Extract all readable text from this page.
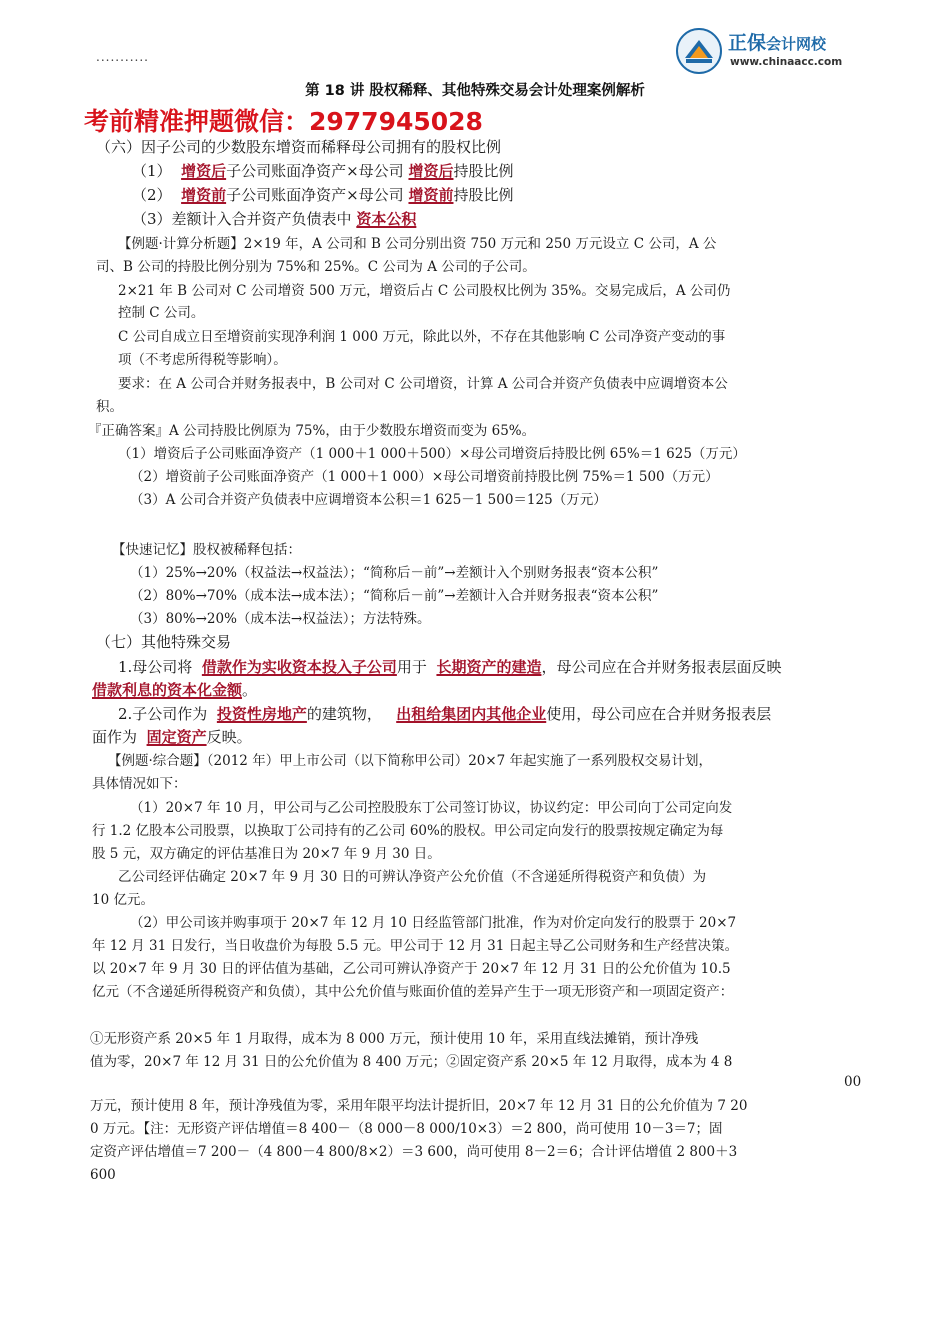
...........
正保会计网校
www.chinaacc.com
第 18 讲 股权稀释、其他特殊交易会计处理案例解析
考前精准押题微信：2977945028
（六）因子公司的少数股东增资而稀释母公司拥有的股权比例
（1） 增资后子公司账面净资产×母公司 增资后持股比例
（2） 增资前子公司账面净资产×母公司 增资前持股比例
（3）差额计入合并资产负债表中 资本公积
【例题·计算分析题】2×19 年，A 公司和 B 公司分别出资 750 万元和 250 万元设立 C 公司，A 公
司、B 公司的持股比例分别为 75%和 25%。C 公司为 A 公司的子公司。
2×21 年 B 公司对 C 公司增资 500 万元，增资后占 C 公司股权比例为 35%。交易完成后，A 公司仍
控制 C 公司。
C 公司自成立日至增资前实现净利润 1 000 万元，除此以外，不存在其他影响 C 公司净资产变动的事
项（不考虑所得税等影响）。
要求：在 A 公司合并财务报表中，B 公司对 C 公司增资，计算 A 公司合并资产负债表中应调增资本公
积。
『正确答案』A 公司持股比例原为 75%，由于少数股东增资而变为 65%。
（1）增资后子公司账面净资产（1 000＋1 000＋500）×母公司增资后持股比例 65%＝1 625（万元）
（2）增资前子公司账面净资产（1 000＋1 000）×母公司增资前持股比例 75%＝1 500（万元）
（3）A 公司合并资产负债表中应调增资本公积＝1 625－1 500＝125（万元）
【快速记忆】股权被稀释包括：
（1）25%→20%（权益法→权益法）；“简称后－前”→差额计入个别财务报表“资本公积”
（2）80%→70%（成本法→成本法）；“简称后－前”→差额计入合并财务报表“资本公积”
（3）80%→20%（成本法→权益法）；方法特殊。
（七）其他特殊交易
1.母公司将 借款作为实收资本投入子公司用于 长期资产的建造，母公司应在合并财务报表层面反映
借款利息的资本化金额。
2.子公司作为 投资性房地产的建筑物， 出租给集团内其他企业使用，母公司应在合并财务报表层
面作为 固定资产反映。
【例题·综合题】（2012 年）甲上市公司（以下简称甲公司）20×7 年起实施了一系列股权交易计划，
具体情况如下：
（1）20×7 年 10 月，甲公司与乙公司控股股东丁公司签订协议，协议约定：甲公司向丁公司定向发
行 1.2 亿股本公司股票，以换取丁公司持有的乙公司 60%的股权。甲公司定向发行的股票按规定确定为每
股 5 元，双方确定的评估基准日为 20×7 年 9 月 30 日。
乙公司经评估确定 20×7 年 9 月 30 日的可辨认净资产公允价值（不含递延所得税资产和负债）为
10 亿元。
（2）甲公司该并购事项于 20×7 年 12 月 10 日经监管部门批准，作为对价定向发行的股票于 20×7
年 12 月 31 日发行，当日收盘价为每股 5.5 元。甲公司于 12 月 31 日起主导乙公司财务和生产经营决策。
以 20×7 年 9 月 30 日的评估值为基础，乙公司可辨认净资产于 20×7 年 12 月 31 日的公允价值为 10.5
亿元（不含递延所得税资产和负债），其中公允价值与账面价值的差异产生于一项无形资产和一项固定资产：
①无形资产系 20×5 年 1 月取得，成本为 8 000 万元，预计使用 10 年，采用直线法摊销，预计净残
值为零，20×7 年 12 月 31 日的公允价值为 8 400 万元；②固定资产系 20×5 年 12 月取得，成本为 4 8
00
万元，预计使用 8 年，预计净残值为零，采用年限平均法计提折旧，20×7 年 12 月 31 日的公允价值为 7 20
0 万元。【注：无形资产评估增值＝8 400－（8 000－8 000/10×3）＝2 800，尚可使用 10－3＝7；固
定资产评估增值＝7 200－（4 800－4 800/8×2）＝3 600，尚可使用 8－2＝6；合计评估增值 2 800＋3
600
